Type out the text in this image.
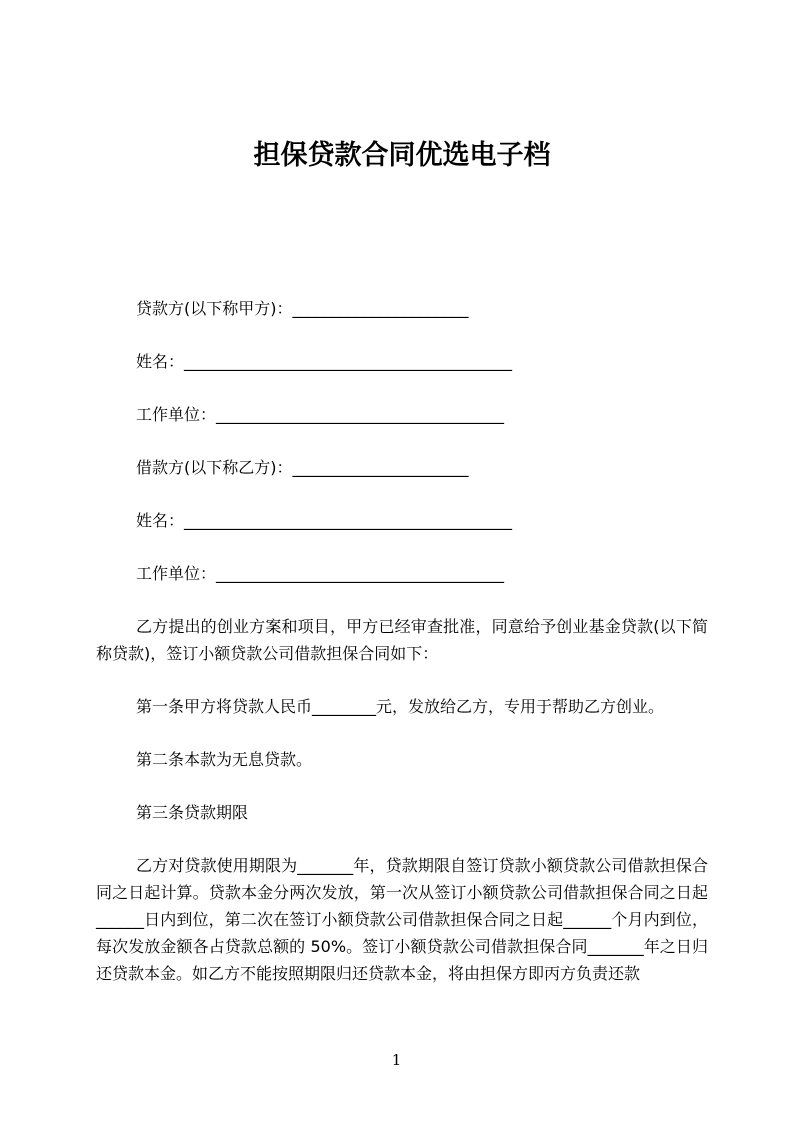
担保贷款合同优选电子档
贷款方(以下称甲方)：______________________
姓名：_________________________________________
工作单位：____________________________________
借款方(以下称乙方)：______________________
姓名：_________________________________________
工作单位：____________________________________

乙方提出的创业方案和项目，甲方已经审查批准，同意给予创业基金贷款(以下简称贷款)，签订小额贷款公司借款担保合同如下：

第一条甲方将贷款人民币________元，发放给乙方，专用于帮助乙方创业。

第二条本款为无息贷款。

第三条贷款期限

乙方对贷款使用期限为_______年，贷款期限自签订贷款小额贷款公司借款担保合同之日起计算。贷款本金分两次发放，第一次从签订小额贷款公司借款担保合同之日起______日内到位，第二次在签订小额贷款公司借款担保合同之日起______个月内到位，每次发放金额各占贷款总额的 50%。签订小额贷款公司借款担保合同_______年之日归还贷款本金。如乙方不能按照期限归还贷款本金，将由担保方即丙方负责还款

1
